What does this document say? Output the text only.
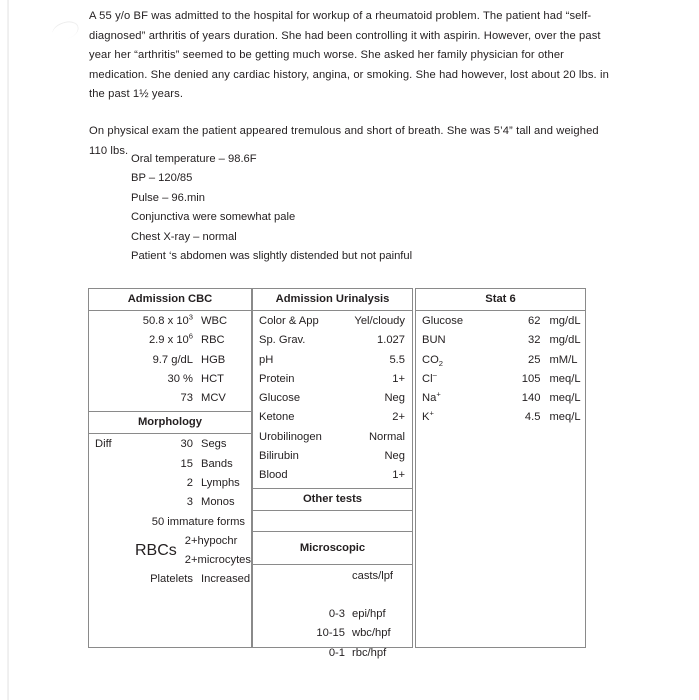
A 55 y/o BF was admitted to the hospital for workup of a rheumatoid problem. The patient had “self-diagnosed” arthritis of years duration. She had been controlling it with aspirin. However, over the past year her “arthritis” seemed to be getting much worse. She asked her family physician for other medication. She denied any cardiac history, angina, or smoking. She had however, lost about 20 lbs. in the past 1½ years.

On physical exam the patient appeared tremulous and short of breath. She was 5’4” tall and weighed 110 lbs.

Oral temperature – 98.6F
BP – 120/85
Pulse – 96.min
Conjunctiva were somewhat pale
Chest X-ray – normal
Patient ‘s abdomen was slightly distended but not painful
Admission CBC
50.8 x $10^3$ WBC
2.9 x $10^6$ RBC
9.7 g/dL HGB
30 % HCT
73 MCV
Morphology
Diff	30 Segs
15 Bands
2 Lymphs
3 Monos
50 immature forms
RBCs
2+hypochr
2+microcytes
Platelets Increased
Admission Urinalysis
Color & App	Yel/cloudy
Sp. Grav.	1.027
pH	5.5
Protein	1+
Glucose	Neg
Ketone	2+
Urobilinogen	Normal
Bilirubin	Neg
Blood	1+
Other tests
Microscopic
casts/lpf
0-3 epi/hpf
10-15 wbc/hpf
0-1 rbc/hpf
Stat 6
Glucose	62 mg/dL
BUN	32 mg/dL
$CO_2$	25 mM/L
Cl–	105 meq/L
Na+	140 meq/L
K+	4.5 meq/L
